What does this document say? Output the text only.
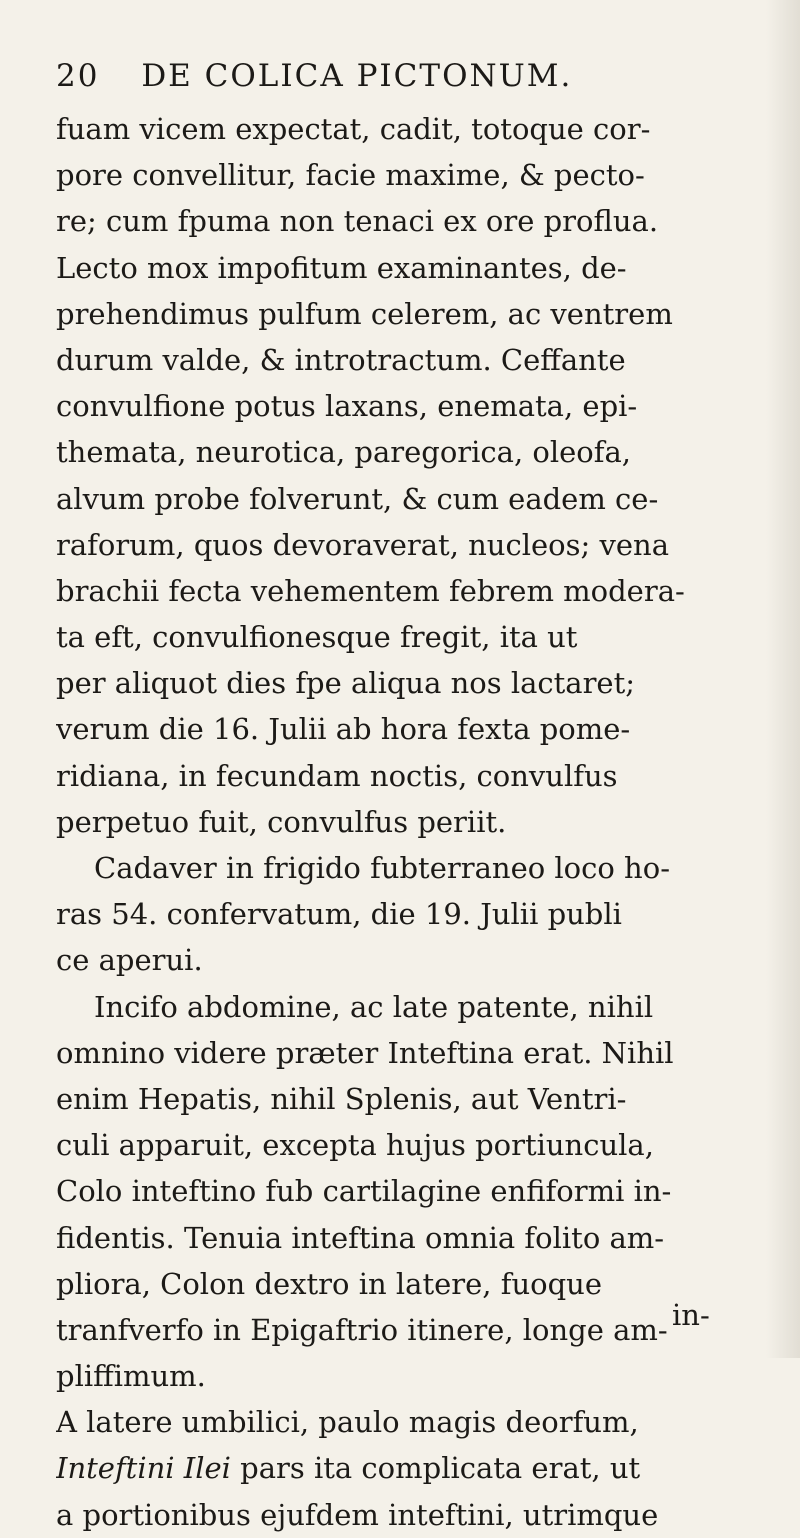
20 DE COLICA PICTONUM.
fuam vicem expectat, cadit, totoque cor-
pore convellitur, facie maxime, & pecto-
re; cum fpuma non tenaci ex ore proflua.
Lecto mox impofitum examinantes, de-
prehendimus pulfum celerem, ac ventrem
durum valde, & introtractum. Ceffante
convulfione potus laxans, enemata, epi-
themata, neurotica, paregorica, oleofa,
alvum probe folverunt, & cum eadem ce-
raforum, quos devoraverat, nucleos; vena
brachii fecta vehementem febrem modera-
ta eft, convulfionesque fregit, ita ut
per aliquot dies fpe aliqua nos lactaret;
verum die 16. Julii ab hora fexta pome-
ridiana, in fecundam noctis, convulfus
perpetuo fuit, convulfus periit.
Cadaver in frigido fubterraneo loco ho-
ras 54. confervatum, die 19. Julii publi
ce aperui.
Incifo abdomine, ac late patente, nihil
omnino videre præter Inteftina erat. Nihil
enim Hepatis, nihil Splenis, aut Ventri-
culi apparuit, excepta hujus portiuncula,
Colo inteftino fub cartilagine enfiformi in-
fidentis. Tenuia inteftina omnia folito am-
pliora, Colon dextro in latere, fuoque
tranfverfo in Epigaftrio itinere, longe am-
pliffimum.
A latere umbilici, paulo magis deorfum,
Inteftini Ilei pars ita complicata erat, ut
a portionibus ejufdem inteftini, utrimque
in-
